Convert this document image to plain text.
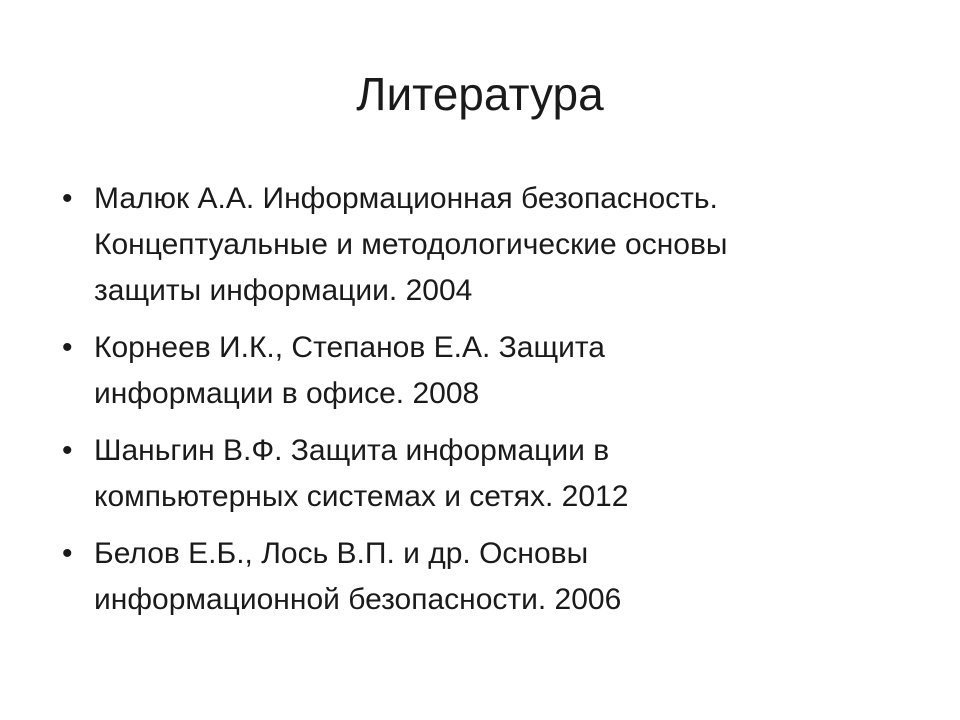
Литература
• Малюк А.А. Информационная безопасность.
Концептуальные и методологические основы
защиты информации. 2004
• Корнеев И.К., Степанов Е.А. Защита
информации в офисе. 2008
• Шаньгин В.Ф. Защита информации в
компьютерных системах и сетях. 2012
• Белов Е.Б., Лось В.П. и др. Основы
информационной безопасности. 2006
